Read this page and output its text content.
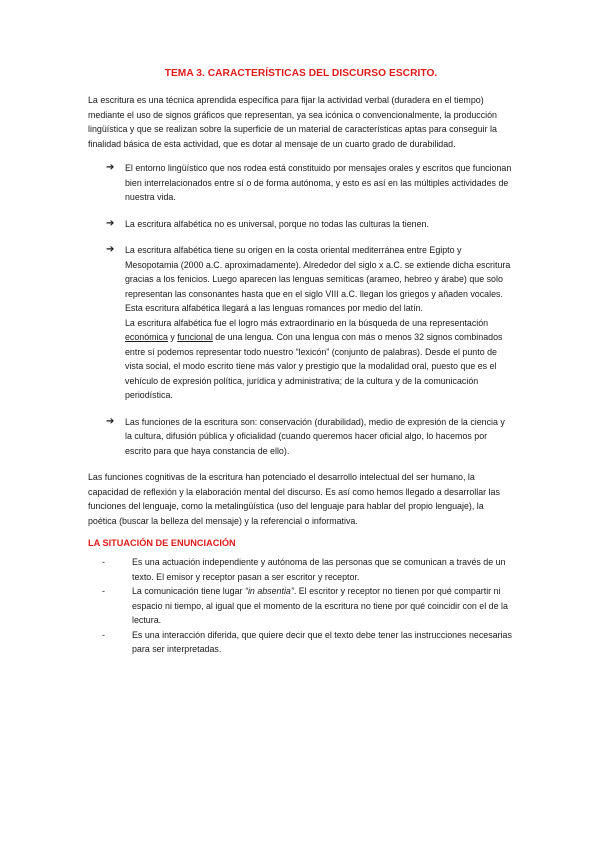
TEMA 3. CARACTERÍSTICAS DEL DISCURSO ESCRITO.

La escritura es una técnica aprendida específica para fijar la actividad verbal (duradera en el tiempo) mediante el uso de signos gráficos que representan, ya sea icónica o convencionalmente, la producción lingüística y que se realizan sobre la superficie de un material de características aptas para conseguir la finalidad básica de esta actividad, que es dotar al mensaje de un cuarto grado de durabilidad.

➔	El entorno lingüístico que nos rodea está constituido por mensajes orales y escritos que funcionan bien interrelacionados entre sí o de forma autónoma, y esto es así en las múltiples actividades de nuestra vida.

➔	La escritura alfabética no es universal, porque no todas las culturas la tienen.

➔	La escritura alfabética tiene su origen en la costa oriental mediterránea entre Egipto y Mesopotamia (2000 a.C. aproximadamente). Alrededor del siglo x a.C. se extiende dicha escritura gracias a los fenicios. Luego aparecen las lenguas semíticas (arameo, hebreo y árabe) que solo representan las consonantes hasta que en el siglo VIII a.C. llegan los griegos y añaden vocales. Esta escritura alfabética llegará a las lenguas romances por medio del latín.

La escritura alfabética fue el logro más extraordinario en la búsqueda de una representación económica y funcional de una lengua. Con una lengua con más o menos 32 signos combinados entre sí podemos representar todo nuestro “lexicón” (conjunto de palabras). Desde el punto de vista social, el modo escrito tiene más valor y prestigio que la modalidad oral, puesto que es el vehículo de expresión política, jurídica y administrativa; de la cultura y de la comunicación periodística.

➔	Las funciones de la escritura son: conservación (durabilidad), medio de expresión de la ciencia y la cultura, difusión pública y oficialidad (cuando queremos hacer oficial algo, lo hacemos por escrito para que haya constancia de ello).

Las funciones cognitivas de la escritura han potenciado el desarrollo intelectual del ser humano, la capacidad de reflexión y la elaboración mental del discurso. Es así como hemos llegado a desarrollar las funciones del lenguaje, como la metalingüística (uso del lenguaje para hablar del propio lenguaje), la poética (buscar la belleza del mensaje) y la referencial o informativa.

LA SITUACIÓN DE ENUNCIACIÓN
-	Es una actuación independiente y autónoma de las personas que se comunican a través de un texto. El emisor y receptor pasan a ser escritor y receptor.

-	La comunicación tiene lugar “in absentia”. El escritor y receptor no tienen por qué compartir ni espacio ni tiempo, al igual que el momento de la escritura no tiene por qué coincidir con el de la lectura.

-	Es una interacción diferida, que quiere decir que el texto debe tener las instrucciones necesarias para ser interpretadas.
